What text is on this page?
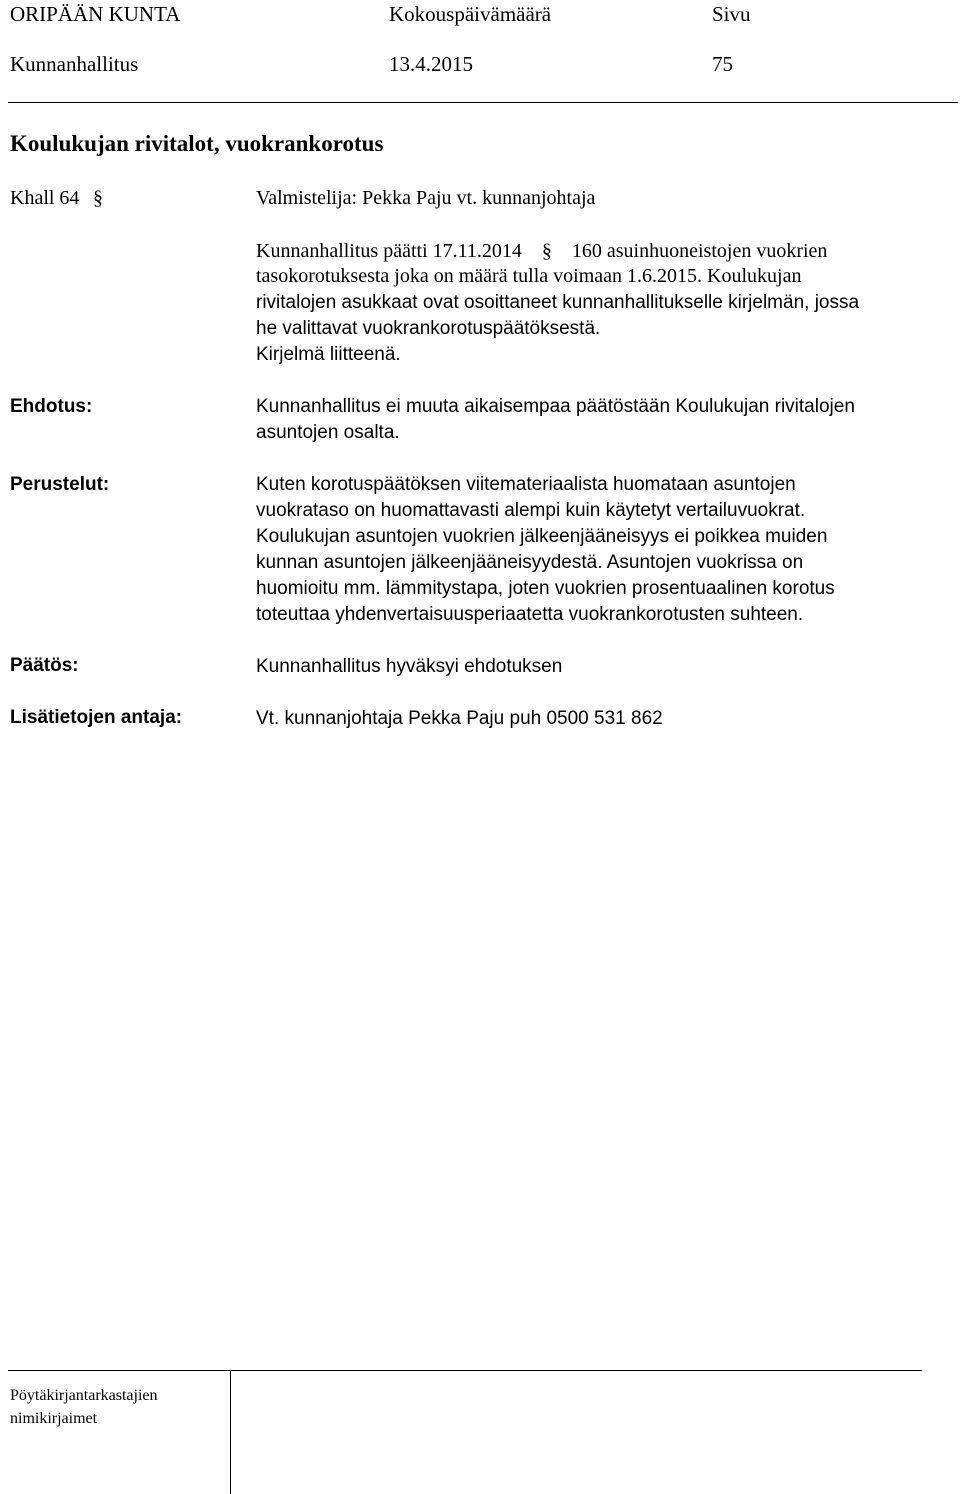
ORIPÄÄN KUNTA	Kokouspäivämäärä	Sivu
Kunnanhallitus	13.4.2015	75
Koulukujan rivitalot, vuokrankorotus
Khall 64 §	Valmistelija: Pekka Paju vt. kunnanjohtaja
Kunnanhallitus päätti 17.11.2014 § 160 asuinhuoneistojen vuokrien
tasokorotuksesta joka on määrä tulla voimaan 1.6.2015. Koulukujan
rivitalojen asukkaat ovat osoittaneet kunnanhallitukselle kirjelmän, jossa
he valittavat vuokrankorotuspäätöksestä.
Kirjelmä liitteenä.
Ehdotus:	Kunnanhallitus ei muuta aikaisempaa päätöstään Koulukujan rivitalojen
asuntojen osalta.
Perustelut:	Kuten korotuspäätöksen viitemateriaalista huomataan asuntojen
vuokrataso on huomattavasti alempi kuin käytetyt vertailuvuokrat.
Koulukujan asuntojen vuokrien jälkeenjääneisyys ei poikkea muiden
kunnan asuntojen jälkeenjääneisyydestä. Asuntojen vuokrissa on
huomioitu mm. lämmitystapa, joten vuokrien prosentuaalinen korotus
toteuttaa yhdenvertaisuusperiaatetta vuokrankorotusten suhteen.
Päätös:	Kunnanhallitus hyväksyi ehdotuksen
Lisätietojen antaja:	Vt. kunnanjohtaja Pekka Paju puh 0500 531 862
Pöytäkirjantarkastajien
nimikirjaimet
